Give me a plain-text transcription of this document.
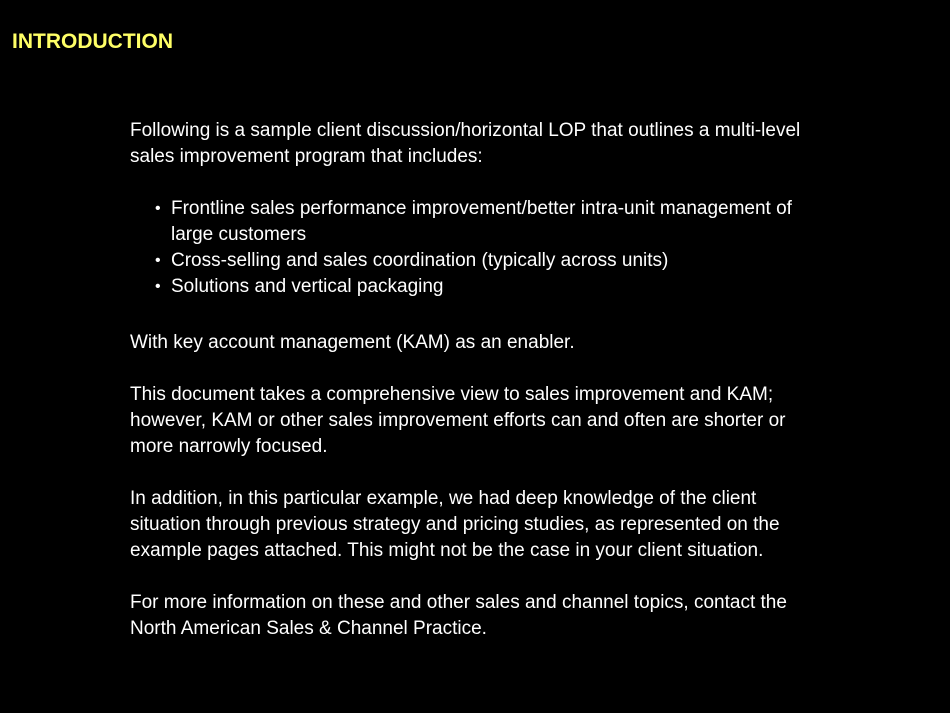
INTRODUCTION

Following is a sample client discussion/horizontal LOP that outlines a multi-level sales improvement program that includes:

• Frontline sales performance improvement/better intra-unit management of large customers
• Cross-selling and sales coordination (typically across units)
• Solutions and vertical packaging

With key account management (KAM) as an enabler.

This document takes a comprehensive view to sales improvement and KAM; however, KAM or other sales improvement efforts can and often are shorter or more narrowly focused.

In addition, in this particular example, we had deep knowledge of the client situation through previous strategy and pricing studies, as represented on the example pages attached. This might not be the case in your client situation.

For more information on these and other sales and channel topics, contact the North American Sales & Channel Practice.
